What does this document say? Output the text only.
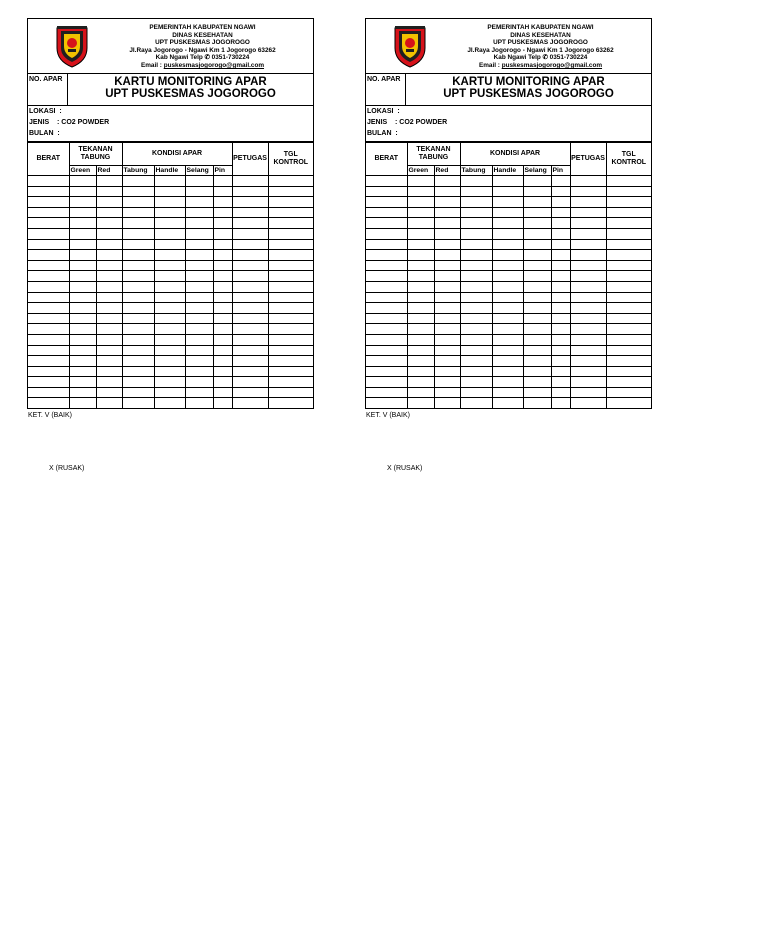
PEMERINTAH KABUPATEN NGAWI
DINAS KESEHATAN
UPT PUSKESMAS JOGOROGO
Jl.Raya Jogorogo - Ngawi Km 1 Jogorogo 63262
Kab Ngawi Telp ✆ 0351-730224
Email : puskesmasjogorogo@gmail.com
NO. APAR	KARTU MONITORING APAR
UPT PUSKESMAS JOGOROGO
LOKASI  :
JENIS    : CO2 POWDER
BULAN  :
BERAT	TEKANAN TABUNG		KONDISI APAR				PETUGAS	TGL KONTROL
	Green	Red	Tabung	Handle	Selang	Pin		

KET. V (BAIK)
X (RUSAK)
PEMERINTAH KABUPATEN NGAWI
DINAS KESEHATAN
UPT PUSKESMAS JOGOROGO
Jl.Raya Jogorogo - Ngawi Km 1 Jogorogo 63262
Kab Ngawi Telp ✆ 0351-730224
Email : puskesmasjogorogo@gmail.com
NO. APAR	KARTU MONITORING APAR
UPT PUSKESMAS JOGOROGO
LOKASI  :
JENIS    : CO2 POWDER
BULAN  :
BERAT	TEKANAN TABUNG		KONDISI APAR				PETUGAS	TGL KONTROL
	Green	Red	Tabung	Handle	Selang	Pin		

KET. V (BAIK)
X (RUSAK)
